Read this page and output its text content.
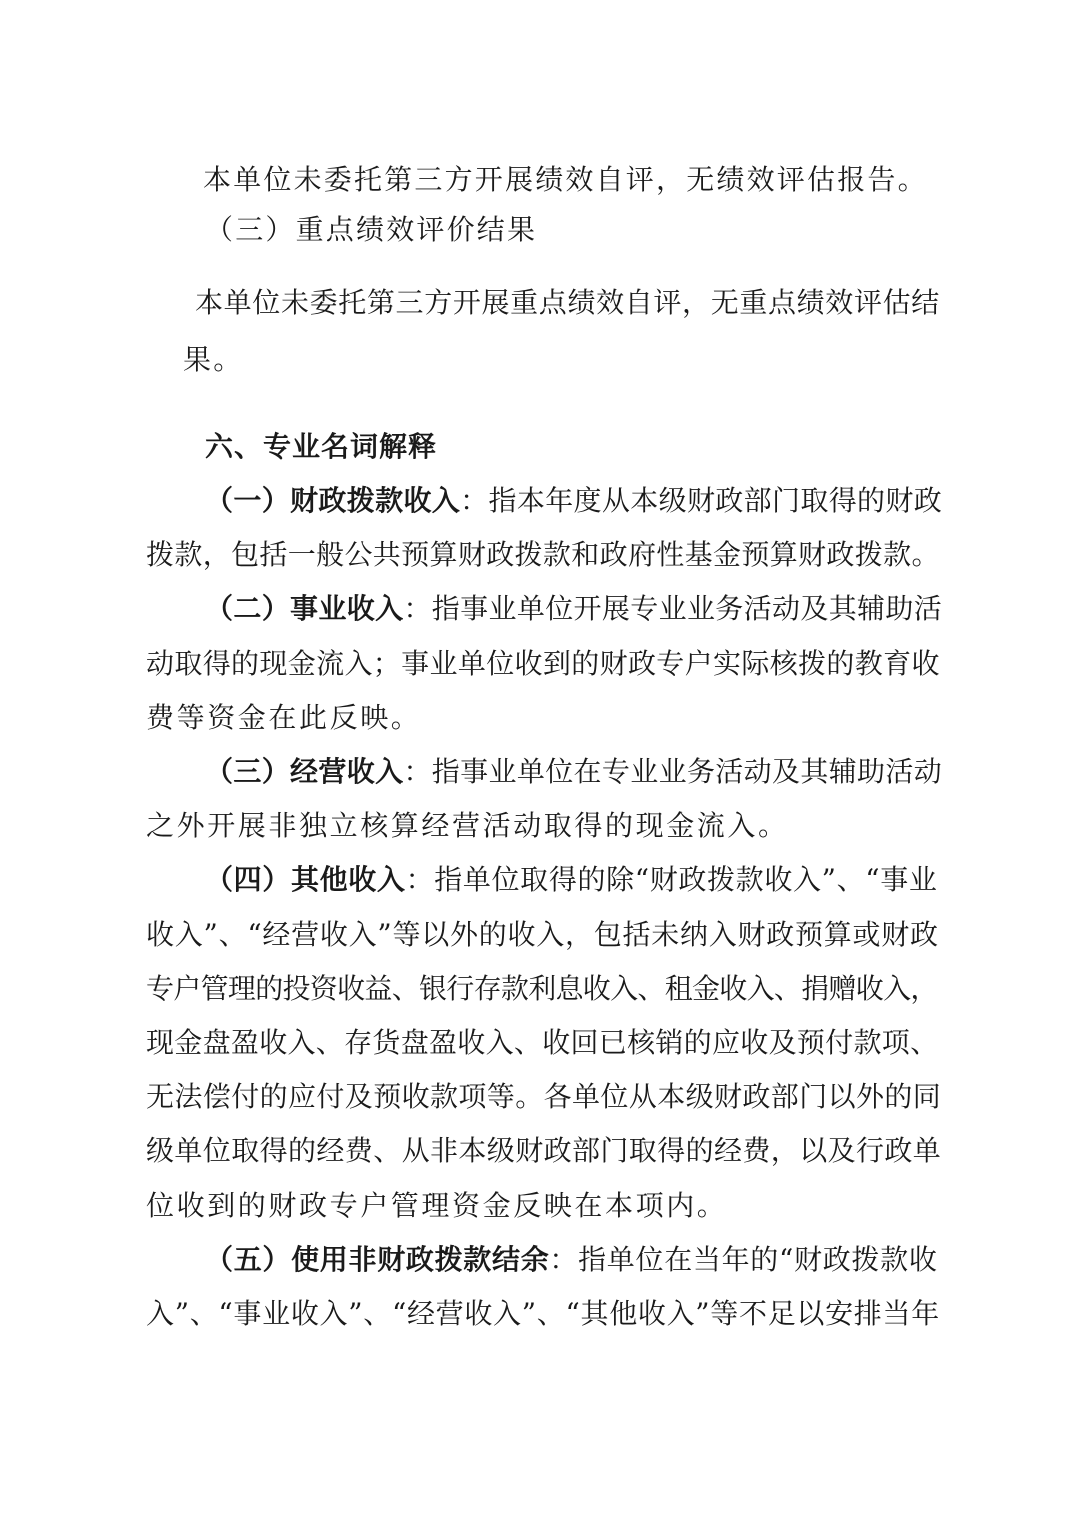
本单位未委托第三方开展绩效自评，无绩效评估报告。
（三）重点绩效评价结果
本单位未委托第三方开展重点绩效自评，无重点绩效评估结
果。
六、专业名词解释
（一）财政拨款收入：指本年度从本级财政部门取得的财政
拨款，包括一般公共预算财政拨款和政府性基金预算财政拨款。
（二）事业收入：指事业单位开展专业业务活动及其辅助活
动取得的现金流入；事业单位收到的财政专户实际核拨的教育收
费等资金在此反映。
（三）经营收入：指事业单位在专业业务活动及其辅助活动
之外开展非独立核算经营活动取得的现金流入。
（四）其他收入：指单位取得的除“财政拨款收入”、“事业
收入”、“经营收入”等以外的收入，包括未纳入财政预算或财政
专户管理的投资收益、银行存款利息收入、租金收入、捐赠收入，
现金盘盈收入、存货盘盈收入、收回已核销的应收及预付款项、
无法偿付的应付及预收款项等。各单位从本级财政部门以外的同
级单位取得的经费、从非本级财政部门取得的经费，以及行政单
位收到的财政专户管理资金反映在本项内。
（五）使用非财政拨款结余：指单位在当年的“财政拨款收
入”、“事业收入”、“经营收入”、“其他收入”等不足以安排当年
